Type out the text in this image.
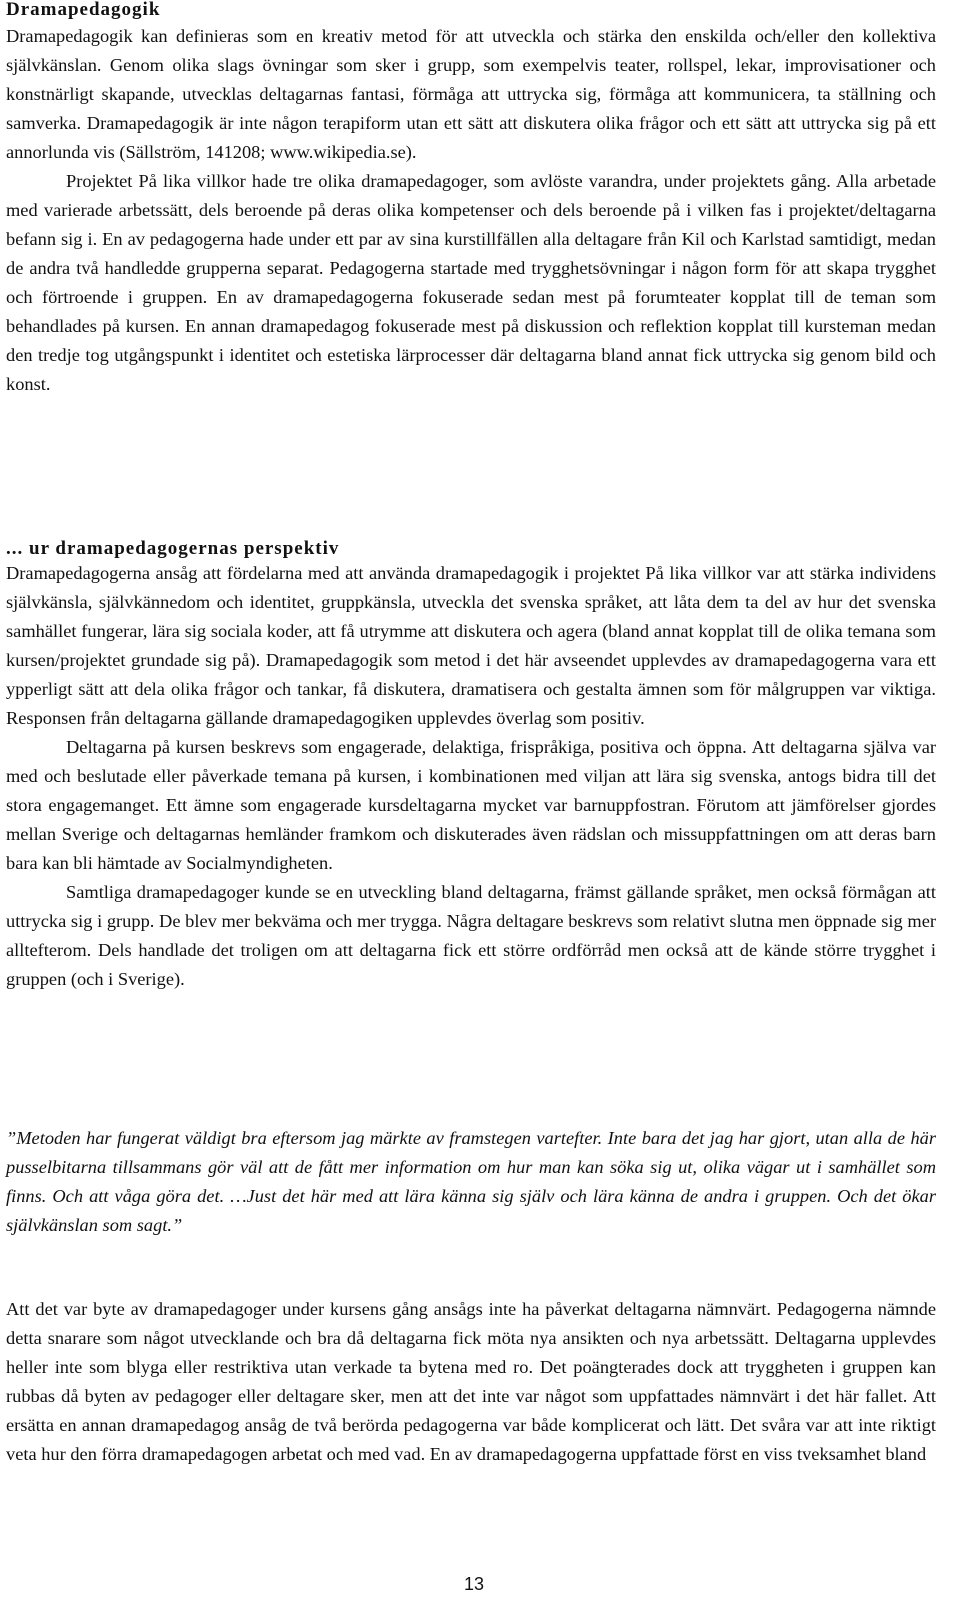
Dramapedagogik

Dramapedagogik kan definieras som en kreativ metod för att utveckla och stärka den enskilda och/eller den kollektiva självkänslan. Genom olika slags övningar som sker i grupp, som exempelvis teater, rollspel, lekar, improvisationer och konstnärligt skapande, utvecklas deltagarnas fantasi, förmåga att uttrycka sig, förmåga att kommunicera, ta ställning och samverka. Dramapedagogik är inte någon terapiform utan ett sätt att diskutera olika frågor och ett sätt att uttrycka sig på ett annorlunda vis (Sällström, 141208; www.wikipedia.se).

Projektet På lika villkor hade tre olika dramapedagoger, som avlöste varandra, under projektets gång. Alla arbetade med varierade arbetssätt, dels beroende på deras olika kompetenser och dels beroende på i vilken fas i projektet/deltagarna befann sig i. En av pedagogerna hade under ett par av sina kurstillfällen alla deltagare från Kil och Karlstad samtidigt, medan de andra två handledde grupperna separat. Pedagogerna startade med trygghetsövningar i någon form för att skapa trygghet och förtroende i gruppen. En av dramapedagogerna fokuserade sedan mest på forumteater kopplat till de teman som behandlades på kursen. En annan dramapedagog fokuserade mest på diskussion och reflektion kopplat till kursteman medan den tredje tog utgångspunkt i identitet och estetiska lärprocesser där deltagarna bland annat fick uttrycka sig genom bild och konst.

... ur dramapedagogernas perspektiv

Dramapedagogerna ansåg att fördelarna med att använda dramapedagogik i projektet På lika villkor var att stärka individens självkänsla, självkännedom och identitet, gruppkänsla, utveckla det svenska språket, att låta dem ta del av hur det svenska samhället fungerar, lära sig sociala koder, att få utrymme att diskutera och agera (bland annat kopplat till de olika temana som kursen/projektet grundade sig på). Dramapedagogik som metod i det här avseendet upplevdes av dramapedagogerna vara ett ypperligt sätt att dela olika frågor och tankar, få diskutera, dramatisera och gestalta ämnen som för målgruppen var viktiga. Responsen från deltagarna gällande dramapedagogiken upplevdes överlag som positiv.

Deltagarna på kursen beskrevs som engagerade, delaktiga, frispråkiga, positiva och öppna. Att deltagarna själva var med och beslutade eller påverkade temana på kursen, i kombinationen med viljan att lära sig svenska, antogs bidra till det stora engagemanget. Ett ämne som engagerade kursdeltagarna mycket var barnuppfostran. Förutom att jämförelser gjordes mellan Sverige och deltagarnas hemländer framkom och diskuterades även rädslan och missuppfattningen om att deras barn bara kan bli hämtade av Socialmyndigheten.

Samtliga dramapedagoger kunde se en utveckling bland deltagarna, främst gällande språket, men också förmågan att uttrycka sig i grupp. De blev mer bekväma och mer trygga. Några deltagare beskrevs som relativt slutna men öppnade sig mer alltefterom. Dels handlade det troligen om att deltagarna fick ett större ordförråd men också att de kände större trygghet i gruppen (och i Sverige).

”Metoden har fungerat väldigt bra eftersom jag märkte av framstegen vartefter. Inte bara det jag har gjort, utan alla de här pusselbitarna tillsammans gör väl att de fått mer information om hur man kan söka sig ut, olika vägar ut i samhället som finns. Och att våga göra det. …Just det här med att lära känna sig själv och lära känna de andra i gruppen. Och det ökar självkänslan som sagt.”

Att det var byte av dramapedagoger under kursens gång ansågs inte ha påverkat deltagarna nämnvärt. Pedagogerna nämnde detta snarare som något utvecklande och bra då deltagarna fick möta nya ansikten och nya arbetssätt. Deltagarna upplevdes heller inte som blyga eller restriktiva utan verkade ta bytena med ro. Det poängterades dock att tryggheten i gruppen kan rubbas då byten av pedagoger eller deltagare sker, men att det inte var något som uppfattades nämnvärt i det här fallet. Att ersätta en annan dramapedagog ansåg de två berörda pedagogerna var både komplicerat och lätt. Det svåra var att inte riktigt veta hur den förra dramapedagogen arbetat och med vad. En av dramapedagogerna uppfattade först en viss tveksamhet bland

13
